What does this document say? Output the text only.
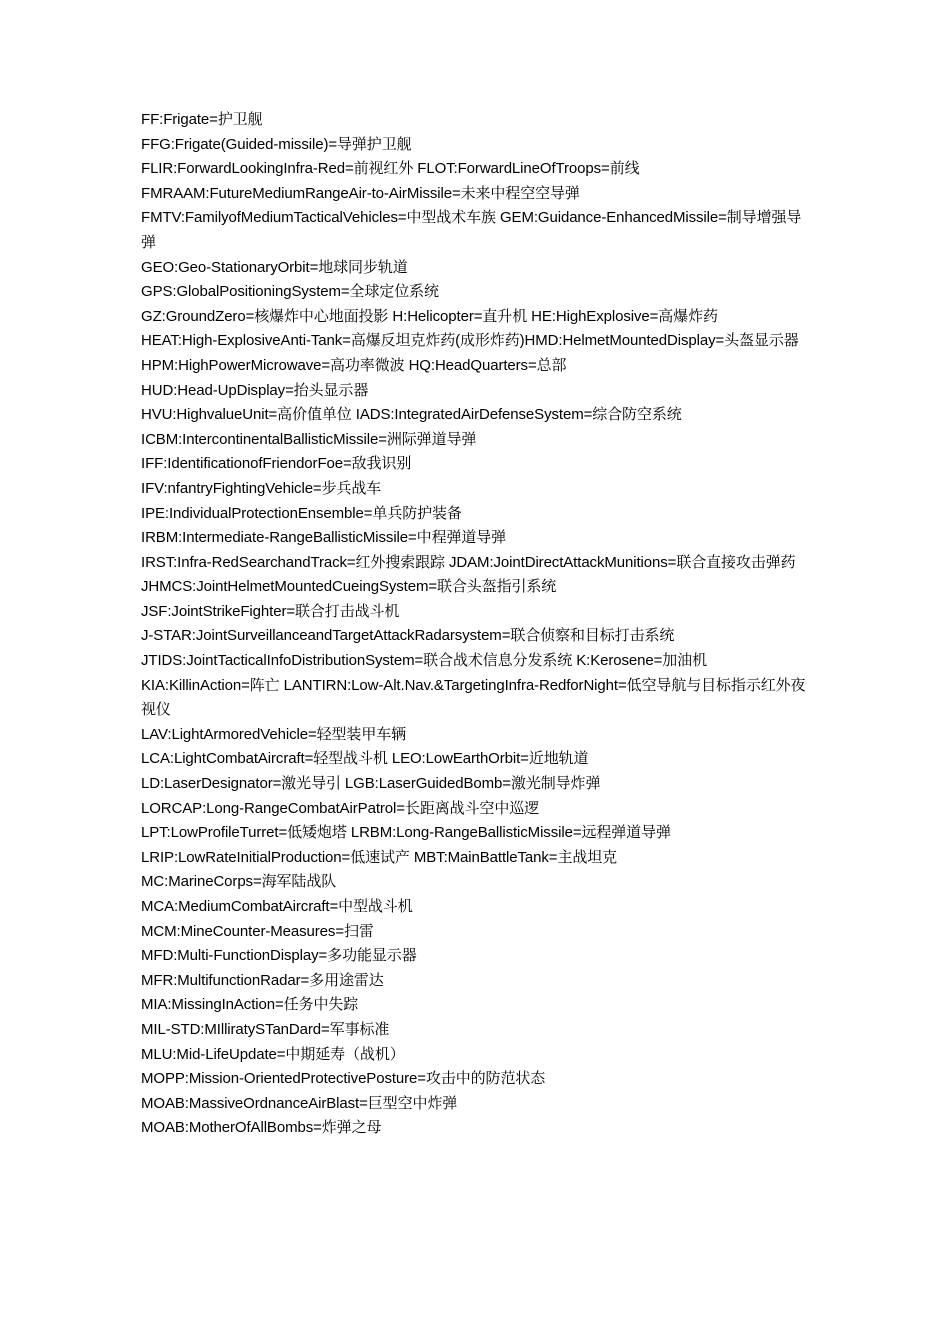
FF:Frigate=护卫舰
FFG:Frigate(Guided-missile)=导弹护卫舰
FLIR:ForwardLookingInfra-Red=前视红外 FLOT:ForwardLineOfTroops=前线
FMRAAM:FutureMediumRangeAir-to-AirMissile=未来中程空空导弹
FMTV:FamilyofMediumTacticalVehicles=中型战术车族 GEM:Guidance-EnhancedMissile=制导增强导弹
GEO:Geo-StationaryOrbit=地球同步轨道
GPS:GlobalPositioningSystem=全球定位系统
GZ:GroundZero=核爆炸中心地面投影 H:Helicopter=直升机 HE:HighExplosive=高爆炸药
HEAT:High-ExplosiveAnti-Tank=高爆反坦克炸药(成形炸药)HMD:HelmetMountedDisplay=头盔显示器
HPM:HighPowerMicrowave=高功率微波 HQ:HeadQuarters=总部
HUD:Head-UpDisplay=抬头显示器
HVU:HighvalueUnit=高价值单位 IADS:IntegratedAirDefenseSystem=综合防空系统
ICBM:IntercontinentalBallisticMissile=洲际弹道导弹
IFF:IdentificationofFriendorFoe=敌我识别
IFV:nfantryFightingVehicle=步兵战车
IPE:IndividualProtectionEnsemble=单兵防护装备
IRBM:Intermediate-RangeBallisticMissile=中程弹道导弹
IRST:Infra-RedSearchandTrack=红外搜索跟踪 JDAM:JointDirectAttackMunitions=联合直接攻击弹药
JHMCS:JointHelmetMountedCueingSystem=联合头盔指引系统
JSF:JointStrikeFighter=联合打击战斗机
J-STAR:JointSurveillanceandTargetAttackRadarsystem=联合侦察和目标打击系统
JTIDS:JointTacticalInfoDistributionSystem=联合战术信息分发系统 K:Kerosene=加油机
KIA:KillinAction=阵亡 LANTIRN:Low-Alt.Nav.&TargetingInfra-RedforNight=低空导航与目标指示红外夜视仪
LAV:LightArmoredVehicle=轻型装甲车辆
LCA:LightCombatAircraft=轻型战斗机 LEO:LowEarthOrbit=近地轨道
LD:LaserDesignator=激光导引 LGB:LaserGuidedBomb=激光制导炸弹
LORCAP:Long-RangeCombatAirPatrol=长距离战斗空中巡逻
LPT:LowProfileTurret=低矮炮塔 LRBM:Long-RangeBallisticMissile=远程弹道导弹
LRIP:LowRateInitialProduction=低速试产 MBT:MainBattleTank=主战坦克
MC:MarineCorps=海军陆战队
MCA:MediumCombatAircraft=中型战斗机
MCM:MineCounter-Measures=扫雷
MFD:Multi-FunctionDisplay=多功能显示器
MFR:MultifunctionRadar=多用途雷达
MIA:MissingInAction=任务中失踪
MIL-STD:MIlliratySTanDard=军事标准
MLU:Mid-LifeUpdate=中期延寿（战机）
MOPP:Mission-OrientedProtectivePosture=攻击中的防范状态
MOAB:MassiveOrdnanceAirBlast=巨型空中炸弹
MOAB:MotherOfAllBombs=炸弹之母
